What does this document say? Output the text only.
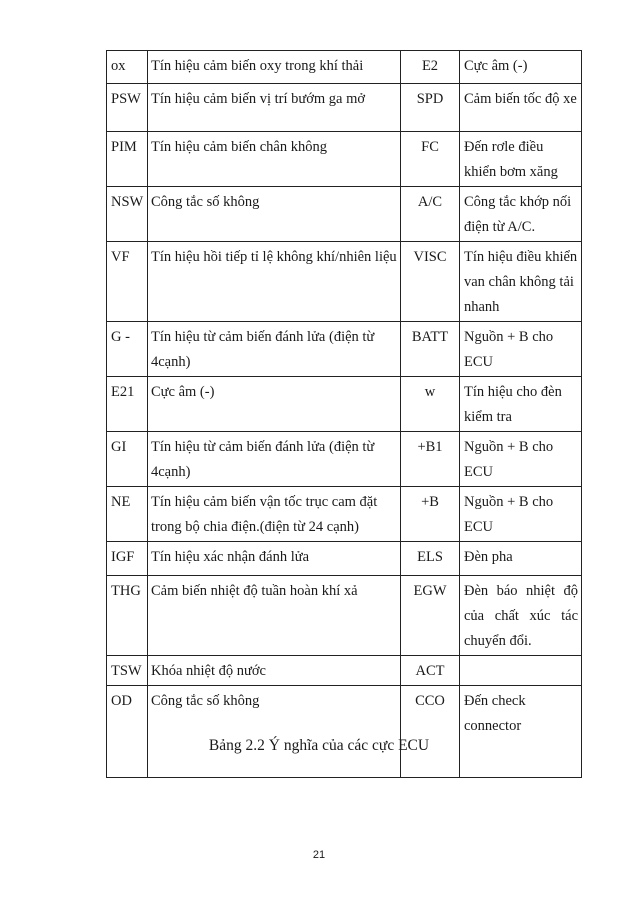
ox	Tín hiệu cảm biến oxy trong khí thải	E2	Cực âm (-)
PSW	Tín hiệu cảm biến vị trí bướm ga mở	SPD	Cảm biến tốc độ xe
PIM	Tín hiệu cảm biến chân không	FC	Đến rơle điều khiển bơm xăng
NSW	Công tắc số không	A/C	Công tắc khớp nối điện từ A/C.
VF	Tín hiệu hồi tiếp tỉ lệ không khí/nhiên liệu	VISC	Tín hiệu điều khiển van chân không tải nhanh
G -	Tín hiệu từ cảm biến đánh lửa (điện từ 4cạnh)	BATT	Nguồn + B cho ECU
E21	Cực âm (-)	w	Tín hiệu cho đèn kiểm tra
GI	Tín hiệu từ cảm biến đánh lửa (điện từ 4cạnh)	+B1	Nguồn + B cho ECU
NE	Tín hiệu cảm biến vận tốc trục cam đặt trong bộ chia điện.(điện từ 24 cạnh)	+B	Nguồn + B cho ECU
IGF	Tín hiệu xác nhận đánh lửa	ELS	Đèn pha
THG	Cảm biến nhiệt độ tuần hoàn khí xả	EGW	Đèn báo nhiệt độ của chất xúc tác chuyển đổi.
TSW	Khóa nhiệt độ nước	ACT	
OD	Công tắc số không	CCO	Đến check connector
Bảng 2.2 Ý nghĩa của các cực ECU
21
